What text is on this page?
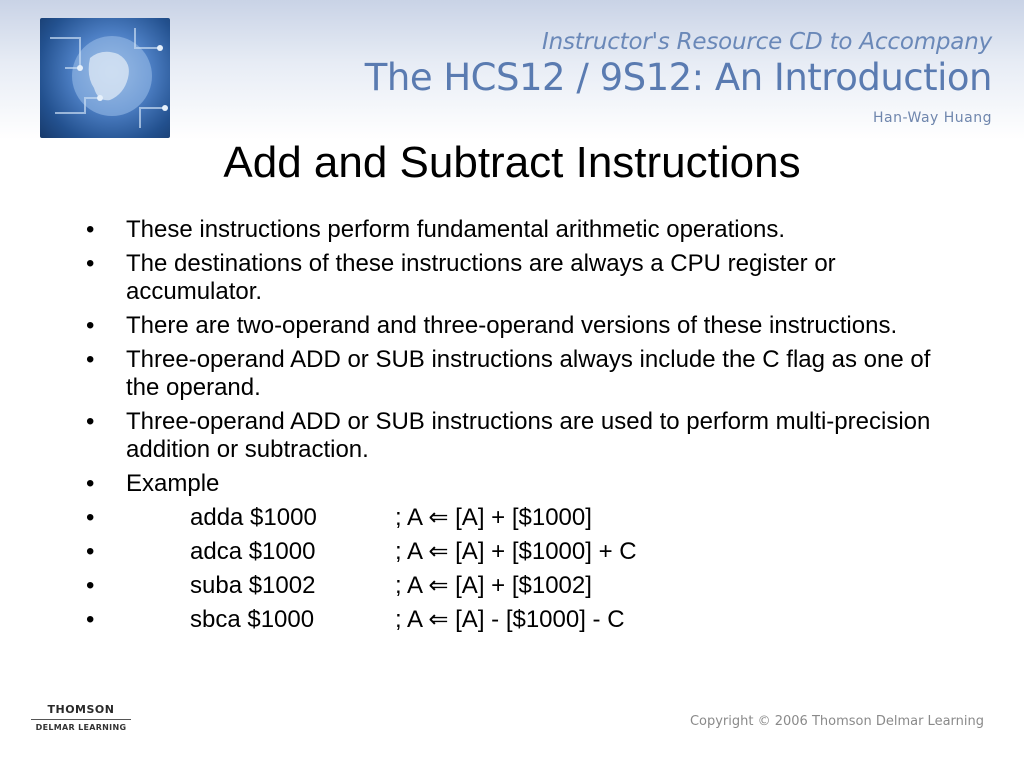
Instructor's Resource CD to Accompany
The HCS12 / 9S12: An Introduction
Han-Way Huang
Add and Subtract Instructions
•	These instructions perform fundamental arithmetic operations.
•	The destinations of these instructions are always a CPU register or accumulator.
•	There are two-operand and three-operand versions of these instructions.
•	Three-operand ADD or SUB instructions always include the C flag as one of the operand.
•	Three-operand ADD or SUB instructions are used to perform multi-precision addition or subtraction.
•	Example
•	adda $1000	; A ⇐ [A] + [$1000]
•	adca $1000	; A ⇐ [A] + [$1000] + C
•	suba $1002	; A ⇐ [A] + [$1002]
•	sbca $1000	; A ⇐ [A] - [$1000] - C
THOMSON
DELMAR LEARNING	Copyright © 2006 Thomson Delmar Learning
